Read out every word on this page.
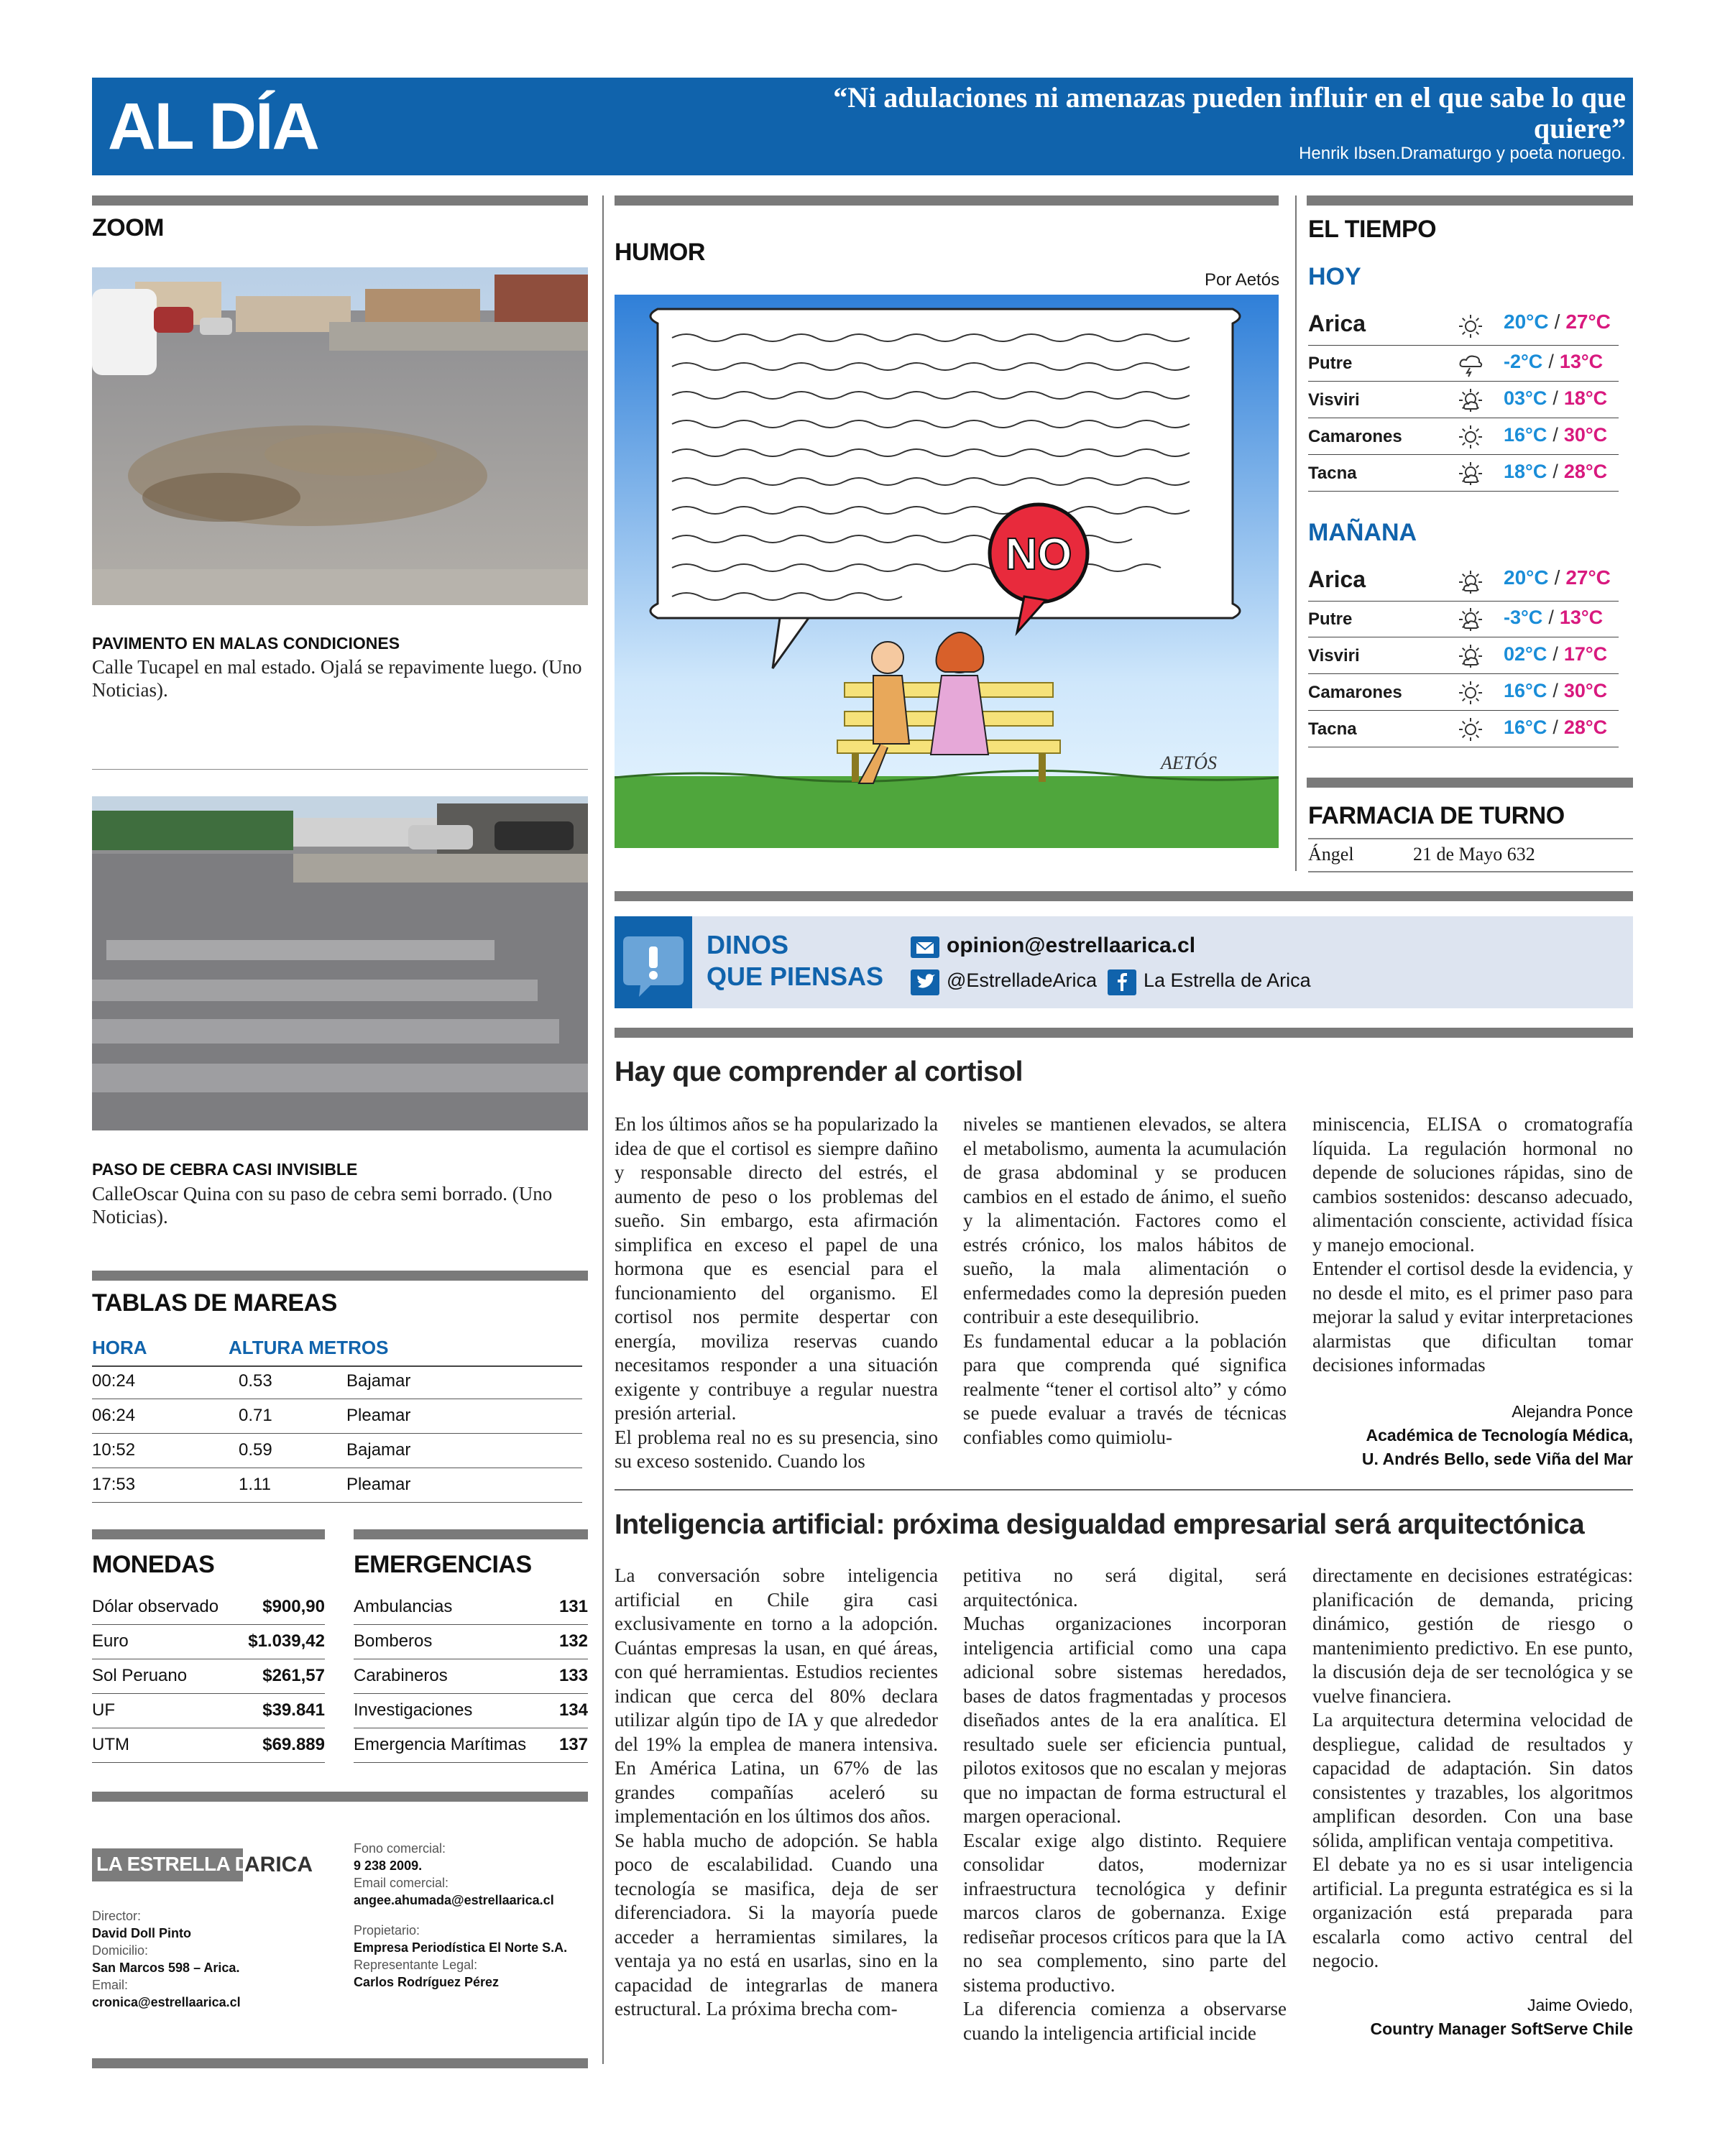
AL DÍA	“Ni adulaciones ni amenazas pueden influir en el que sabe lo que quiere”
Henrik Ibsen.Dramaturgo y poeta noruego.
ZOOM
PAVIMENTO EN MALAS CONDICIONES
Calle Tucapel en mal estado. Ojalá se repavimente luego. (Uno Noticias).
PASO DE CEBRA CASI INVISIBLE
CalleOscar Quina con su paso de cebra semi borrado. (Uno Noticias).
TABLAS DE MAREAS
HORA	ALTURA METROS
00:24	0.53	Bajamar
06:24	0.71	Pleamar
10:52	0.59	Bajamar
17:53	1.11	Pleamar
MONEDAS	EMERGENCIAS
Dólar observado	$900,90
Euro	$1.039,42
Sol Peruano	$261,57
UF	$39.841
UTM	$69.889
Ambulancias	131
Bomberos	132
Carabineros	133
Investigaciones	134
Emergencia Marítimas 137
LA ESTRELLA DE
ARICA
Director:
David Doll Pinto
Domicilio:
San Marcos 598 – Arica.
Email:
cronica@estrellaarica.cl
Fono comercial:
9 238 2009.
Email comercial:
angee.ahumada@estrellaarica.cl
Propietario:
Empresa Periodística El Norte S.A.
Representante Legal:
Carlos Rodríguez Pérez
HUMOR
Por Aetós
NO
AETÓS
EL TIEMPO
HOY
Arica	20°C / 27°C
Putre	-2°C / 13°C
Visviri	03°C / 18°C
Camarones	16°C / 30°C
Tacna	18°C / 28°C
MAÑANA
Arica	20°C / 27°C
Putre	-3°C / 13°C
Visviri	02°C / 17°C
Camarones	16°C / 30°C
Tacna	16°C / 28°C
FARMACIA DE TURNO
Ángel	21 de Mayo 632
DINOS
QUE PIENSAS
opinion@estrellaarica.cl
@EstrelladeArica La Estrella de Arica
Hay que comprender al cortisol

En los últimos años se ha popularizado la idea de que el cortisol es siempre dañino y responsable directo del estrés, el aumento de peso o los problemas del sueño. Sin embargo, esta afirmación simplifica en exceso el papel de una hormona que es esencial para el funcionamiento del organismo. El cortisol nos permite despertar con energía, moviliza reservas cuando necesitamos responder a una situación exigente y contribuye a regular nuestra presión arterial.

El problema real no es su presencia, sino su exceso sostenido. Cuando los

niveles se mantienen elevados, se altera el metabolismo, aumenta la acumulación de grasa abdominal y se producen cambios en el estado de ánimo, el sueño y la alimentación. Factores como el estrés crónico, los malos hábitos de sueño, la mala alimentación o enfermedades como la depresión pueden contribuir a este desequilibrio.

Es fundamental educar a la población para que comprenda qué significa realmente “tener el cortisol alto” y cómo se puede evaluar a través de técnicas confiables como quimiolu-

miniscencia, ELISA o cromatografía líquida. La regulación hormonal no depende de soluciones rápidas, sino de cambios sostenidos: descanso adecuado, alimentación consciente, actividad física y manejo emocional.

Entender el cortisol desde la evidencia, y no desde el mito, es el primer paso para mejorar la salud y evitar interpretaciones alarmistas que dificultan tomar decisiones informadas

Alejandra Ponce
Académica de Tecnología Médica,
U. Andrés Bello, sede Viña del Mar
Inteligencia artificial: próxima desigualdad empresarial será arquitectónica

La conversación sobre inteligencia artificial en Chile gira casi exclusivamente en torno a la adopción. Cuántas empresas la usan, en qué áreas, con qué herramientas. Estudios recientes indican que cerca del 80% declara utilizar algún tipo de IA y que alrededor del 19% la emplea de manera intensiva. En América Latina, un 67% de las grandes compañías aceleró su implementación en los últimos dos años.

Se habla mucho de adopción. Se habla poco de escalabilidad. Cuando una tecnología se masifica, deja de ser diferenciadora. Si la mayoría puede acceder a herramientas similares, la ventaja ya no está en usarlas, sino en la capacidad de integrarlas de manera estructural. La próxima brecha com-

petitiva no será digital, será arquitectónica.

Muchas organizaciones incorporan inteligencia artificial como una capa adicional sobre sistemas heredados, bases de datos fragmentadas y procesos diseñados antes de la era analítica. El resultado suele ser eficiencia puntual, pilotos exitosos que no escalan y mejoras que no impactan de forma estructural el margen operacional.

Escalar exige algo distinto. Requiere consolidar datos, modernizar infraestructura tecnológica y definir marcos claros de gobernanza. Exige rediseñar procesos críticos para que la IA no sea complemento, sino parte del sistema productivo.

La diferencia comienza a observarse cuando la inteligencia artificial incide

directamente en decisiones estratégicas: planificación de demanda, pricing dinámico, gestión de riesgo o mantenimiento predictivo. En ese punto, la discusión deja de ser tecnológica y se vuelve financiera.

La arquitectura determina velocidad de despliegue, calidad de resultados y capacidad de adaptación. Sin datos consistentes y trazables, los algoritmos amplifican desorden. Con una base sólida, amplifican ventaja competitiva.

El debate ya no es si usar inteligencia artificial. La pregunta estratégica es si la organización está preparada para escalarla como activo central del negocio.

Jaime Oviedo,
Country Manager SoftServe Chile
